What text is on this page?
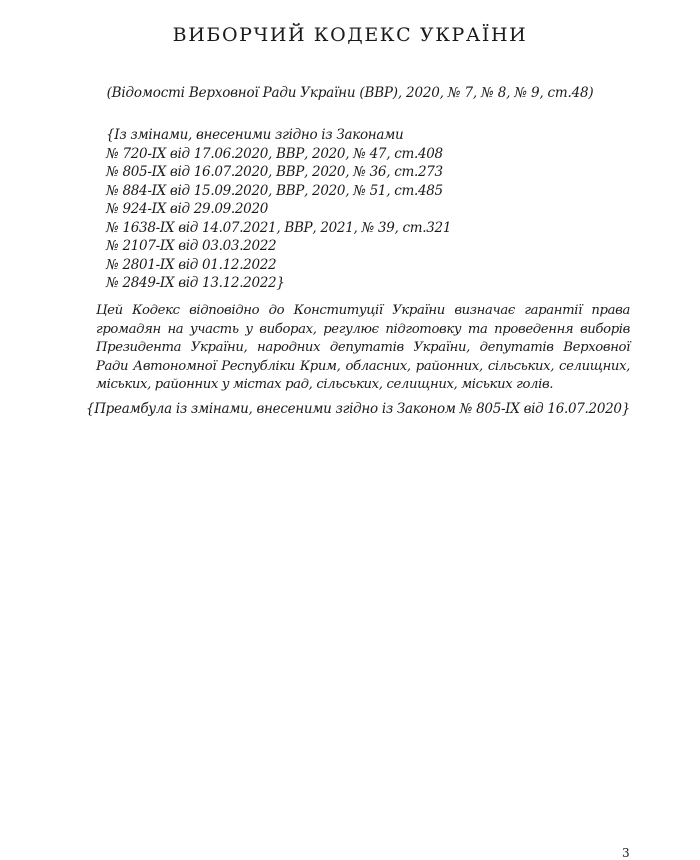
ВИБОРЧИЙ КОДЕКС УКРАЇНИ
(Відомості Верховної Ради України (ВВР), 2020, № 7, № 8, № 9, ст.48)
{Із змінами, внесеними згідно із Законами
№ 720-IX від 17.06.2020, ВВР, 2020, № 47, ст.408
№ 805-IX від 16.07.2020, ВВР, 2020, № 36, ст.273
№ 884-IX від 15.09.2020, ВВР, 2020, № 51, ст.485
№ 924-IX від 29.09.2020
№ 1638-IX від 14.07.2021, ВВР, 2021, № 39, ст.321
№ 2107-IX від 03.03.2022
№ 2801-IX від 01.12.2022
№ 2849-IX від 13.12.2022}

Цей Кодекс відповідно до Конституції України визначає гарантії права громадян на участь у виборах, регулює підготовку та проведення виборів Президента України, народних депутатів України, депутатів Верховної Ради Автономної Республіки Крим, обласних, районних, сільських, селищних, міських, районних у містах рад, сільських, селищних, міських голів.

{Преамбула із змінами, внесеними згідно із Законом № 805-IX від 16.07.2020}
3
